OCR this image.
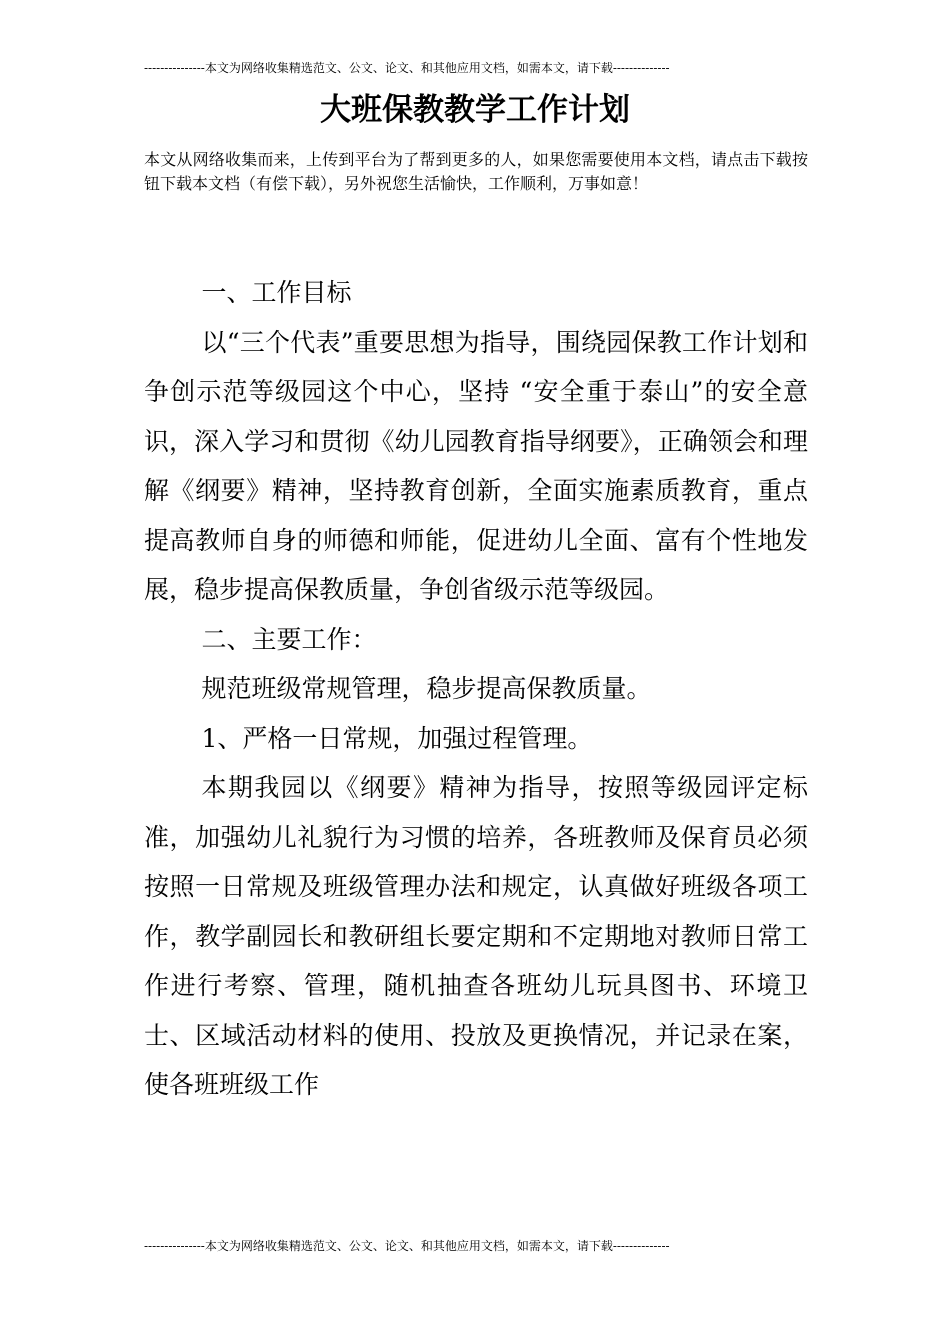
---------------本文为网络收集精选范文、公文、论文、和其他应用文档，如需本文，请下载--------------
大班保教教学工作计划
本文从网络收集而来，上传到平台为了帮到更多的人，如果您需要使用本文档，请点击下载按钮下载本文档（有偿下载），另外祝您生活愉快，工作顺利，万事如意！

一、工作目标

以“三个代表”重要思想为指导，围绕园保教工作计划和争创示范等级园这个中心，坚持 “安全重于泰山”的安全意识，深入学习和贯彻《幼儿园教育指导纲要》，正确领会和理解《纲要》精神，坚持教育创新，全面实施素质教育，重点提高教师自身的师德和师能，促进幼儿全面、富有个性地发展，稳步提高保教质量，争创省级示范等级园。

二、主要工作：

规范班级常规管理，稳步提高保教质量。

1、严格一日常规，加强过程管理。

本期我园以《纲要》精神为指导，按照等级园评定标准，加强幼儿礼貌行为习惯的培养，各班教师及保育员必须按照一日常规及班级管理办法和规定，认真做好班级各项工作，教学副园长和教研组长要定期和不定期地对教师日常工作进行考察、管理，随机抽查各班幼儿玩具图书、环境卫士、区域活动材料的使用、投放及更换情况，并记录在案，使各班班级工作

---------------本文为网络收集精选范文、公文、论文、和其他应用文档，如需本文，请下载--------------
